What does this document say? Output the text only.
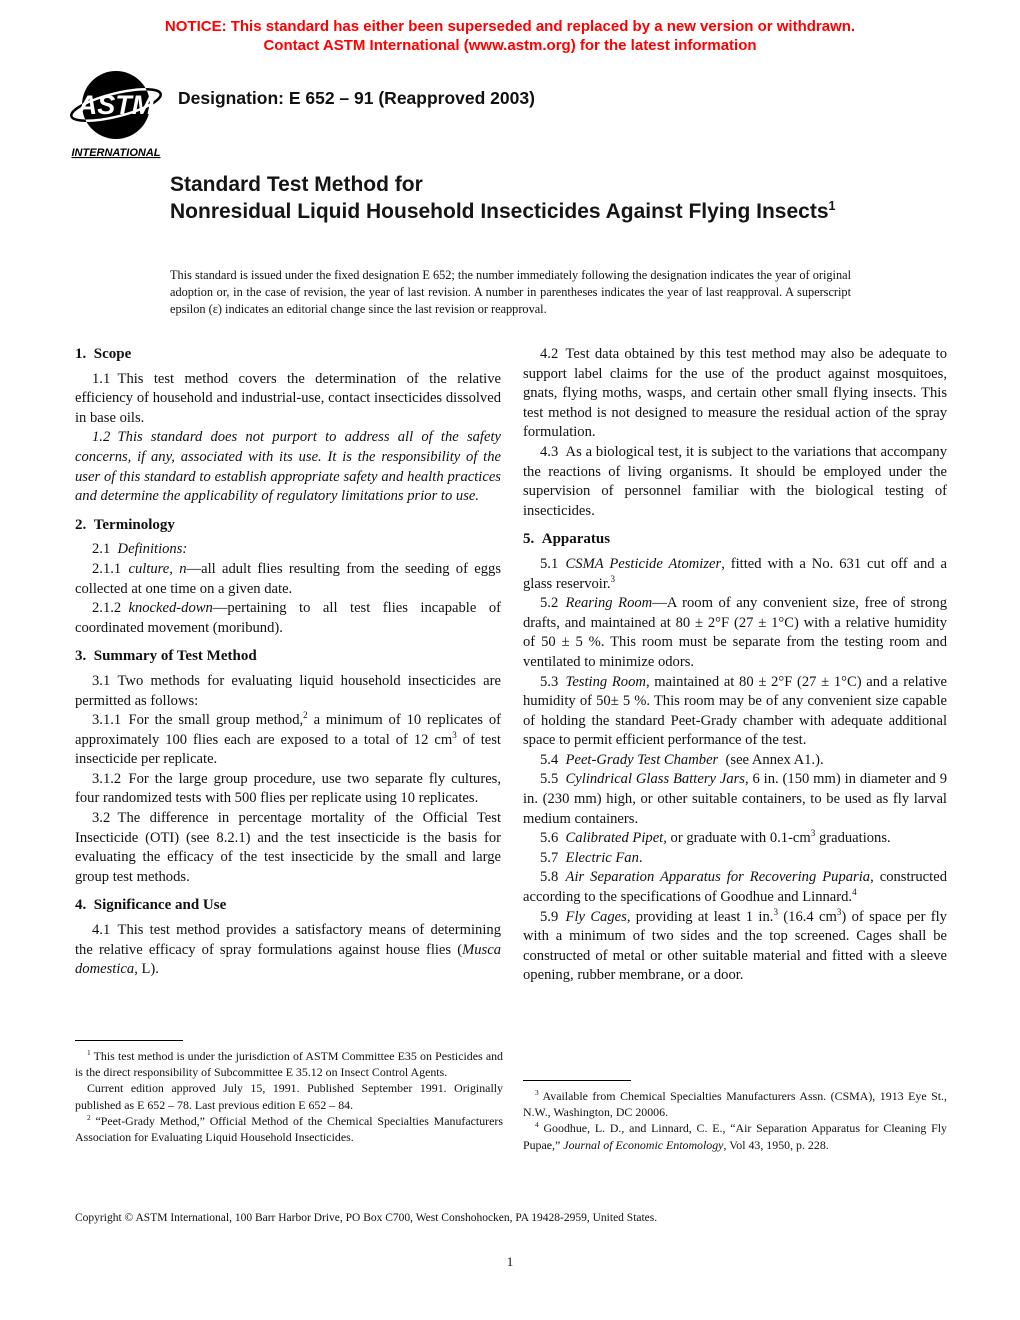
NOTICE: This standard has either been superseded and replaced by a new version or withdrawn.
Contact ASTM International (www.astm.org) for the latest information
ASTM
INTERNATIONAL
Designation: E 652 – 91 (Reapproved 2003)
Standard Test Method for
Nonresidual Liquid Household Insecticides Against Flying Insects$^1$
This standard is issued under the fixed designation E 652; the number immediately following the designation indicates the year of original adoption or, in the case of revision, the year of last revision. A number in parentheses indicates the year of last reapproval. A superscript epsilon (ε) indicates an editorial change since the last revision or reapproval.
1. Scope

1.1 This test method covers the determination of the relative efficiency of household and industrial-use, contact insecticides dissolved in base oils.

1.2 This standard does not purport to address all of the safety concerns, if any, associated with its use. It is the responsibility of the user of this standard to establish appropriate safety and health practices and determine the applicability of regulatory limitations prior to use.

2. Terminology

2.1 Definitions:

2.1.1 culture, n—all adult flies resulting from the seeding of eggs collected at one time on a given date.

2.1.2 knocked-down—pertaining to all test flies incapable of coordinated movement (moribund).

3. Summary of Test Method

3.1 Two methods for evaluating liquid household insecticides are permitted as follows:

3.1.1 For the small group method,$^2$ a minimum of 10 replicates of approximately 100 flies each are exposed to a total of 12 $cm^3$ of test insecticide per replicate.

3.1.2 For the large group procedure, use two separate fly cultures, four randomized tests with 500 flies per replicate using 10 replicates.

3.2 The difference in percentage mortality of the Official Test Insecticide (OTI) (see 8.2.1) and the test insecticide is the basis for evaluating the efficacy of the test insecticide by the small and large group test methods.

4. Significance and Use

4.1 This test method provides a satisfactory means of determining the relative efficacy of spray formulations against house flies (Musca domestica, L).

4.2 Test data obtained by this test method may also be adequate to support label claims for the use of the product against mosquitoes, gnats, flying moths, wasps, and certain other small flying insects. This test method is not designed to measure the residual action of the spray formulation.

4.3 As a biological test, it is subject to the variations that accompany the reactions of living organisms. It should be employed under the supervision of personnel familiar with the biological testing of insecticides.

5. Apparatus

5.1 CSMA Pesticide Atomizer, fitted with a No. 631 cut off and a glass reservoir.$^3$

5.2 Rearing Room—A room of any convenient size, free of strong drafts, and maintained at 80 ± 2°F (27 ± 1°C) with a relative humidity of 50 ± 5 %. This room must be separate from the testing room and ventilated to minimize odors.

5.3 Testing Room, maintained at 80 ± 2°F (27 ± 1°C) and a relative humidity of 50± 5 %. This room may be of any convenient size capable of holding the standard Peet-Grady chamber with adequate additional space to permit efficient performance of the test.

5.4 Peet-Grady Test Chamber (see Annex A1.).

5.5 Cylindrical Glass Battery Jars, 6 in. (150 mm) in diameter and 9 in. (230 mm) high, or other suitable containers, to be used as fly larval medium containers.

5.6 Calibrated Pipet, or graduate with $0.1-cm^3$ graduations.

5.7 Electric Fan.

5.8 Air Separation Apparatus for Recovering Puparia, constructed according to the specifications of Goodhue and Linnard.$^4$

5.9 Fly Cages, providing at least 1 in.$^3$ (16.4 $cm^3$) of space per fly with a minimum of two sides and the top screened. Cages shall be constructed of metal or other suitable material and fitted with a sleeve opening, rubber membrane, or a door.

$^1$ This test method is under the jurisdiction of ASTM Committee E35 on Pesticides and is the direct responsibility of Subcommittee E 35.12 on Insect Control Agents.

Current edition approved July 15, 1991. Published September 1991. Originally published as E 652 – 78. Last previous edition E 652 – 84.

$^2$ “Peet-Grady Method,” Official Method of the Chemical Specialties Manufacturers Association for Evaluating Liquid Household Insecticides.

$^3$ Available from Chemical Specialties Manufacturers Assn. (CSMA), 1913 Eye St., N.W., Washington, DC 20006.

$^4$ Goodhue, L. D., and Linnard, C. E., “Air Separation Apparatus for Cleaning Fly Pupae,” Journal of Economic Entomology, Vol 43, 1950, p. 228.

Copyright © ASTM International, 100 Barr Harbor Drive, PO Box C700, West Conshohocken, PA 19428-2959, United States.
1
